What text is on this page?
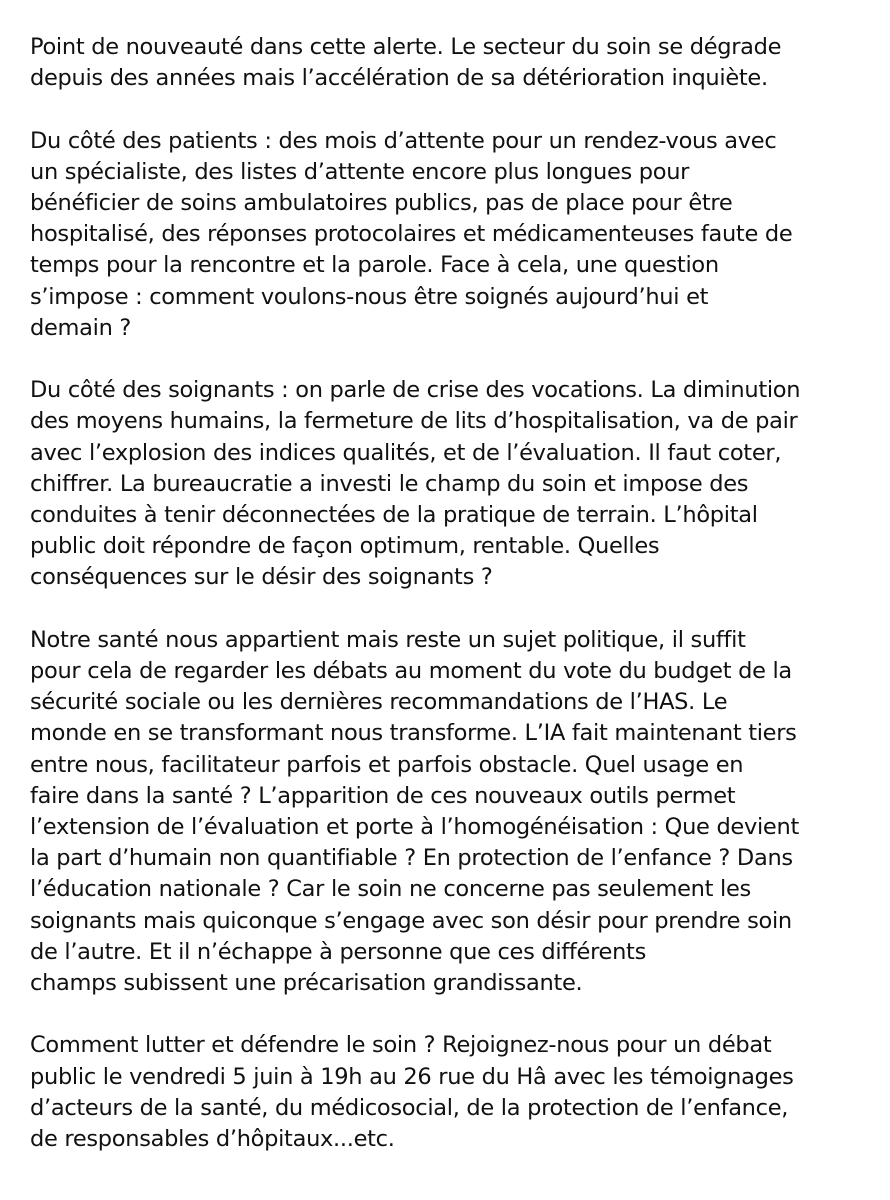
Point de nouveauté dans cette alerte. Le secteur du soin se dégrade
depuis des années mais l’accélération de sa détérioration inquiète.

Du côté des patients : des mois d’attente pour un rendez-vous avec
un spécialiste, des listes d’attente encore plus longues pour
bénéficier de soins ambulatoires publics, pas de place pour être
hospitalisé, des réponses protocolaires et médicamenteuses faute de
temps pour la rencontre et la parole. Face à cela, une question
s’impose : comment voulons-nous être soignés aujourd’hui et
demain ?

Du côté des soignants : on parle de crise des vocations. La diminution
des moyens humains, la fermeture de lits d’hospitalisation, va de pair
avec l’explosion des indices qualités, et de l’évaluation. Il faut coter,
chiffrer. La bureaucratie a investi le champ du soin et impose des
conduites à tenir déconnectées de la pratique de terrain. L’hôpital
public doit répondre de façon optimum, rentable. Quelles
conséquences sur le désir des soignants ?

Notre santé nous appartient mais reste un sujet politique, il suffit
pour cela de regarder les débats au moment du vote du budget de la
sécurité sociale ou les dernières recommandations de l’HAS. Le
monde en se transformant nous transforme. L’IA fait maintenant tiers
entre nous, facilitateur parfois et parfois obstacle. Quel usage en
faire dans la santé ? L’apparition de ces nouveaux outils permet
l’extension de l’évaluation et porte à l’homogénéisation : Que devient
la part d’humain non quantifiable ? En protection de l’enfance ? Dans
l’éducation nationale ? Car le soin ne concerne pas seulement les
soignants mais quiconque s’engage avec son désir pour prendre soin
de l’autre. Et il n’échappe à personne que ces différents
champs subissent une précarisation grandissante.

Comment lutter et défendre le soin ? Rejoignez-nous pour un débat
public le vendredi 5 juin à 19h au 26 rue du Hâ avec les témoignages
d’acteurs de la santé, du médicosocial, de la protection de l’enfance,
de responsables d’hôpitaux...etc.
